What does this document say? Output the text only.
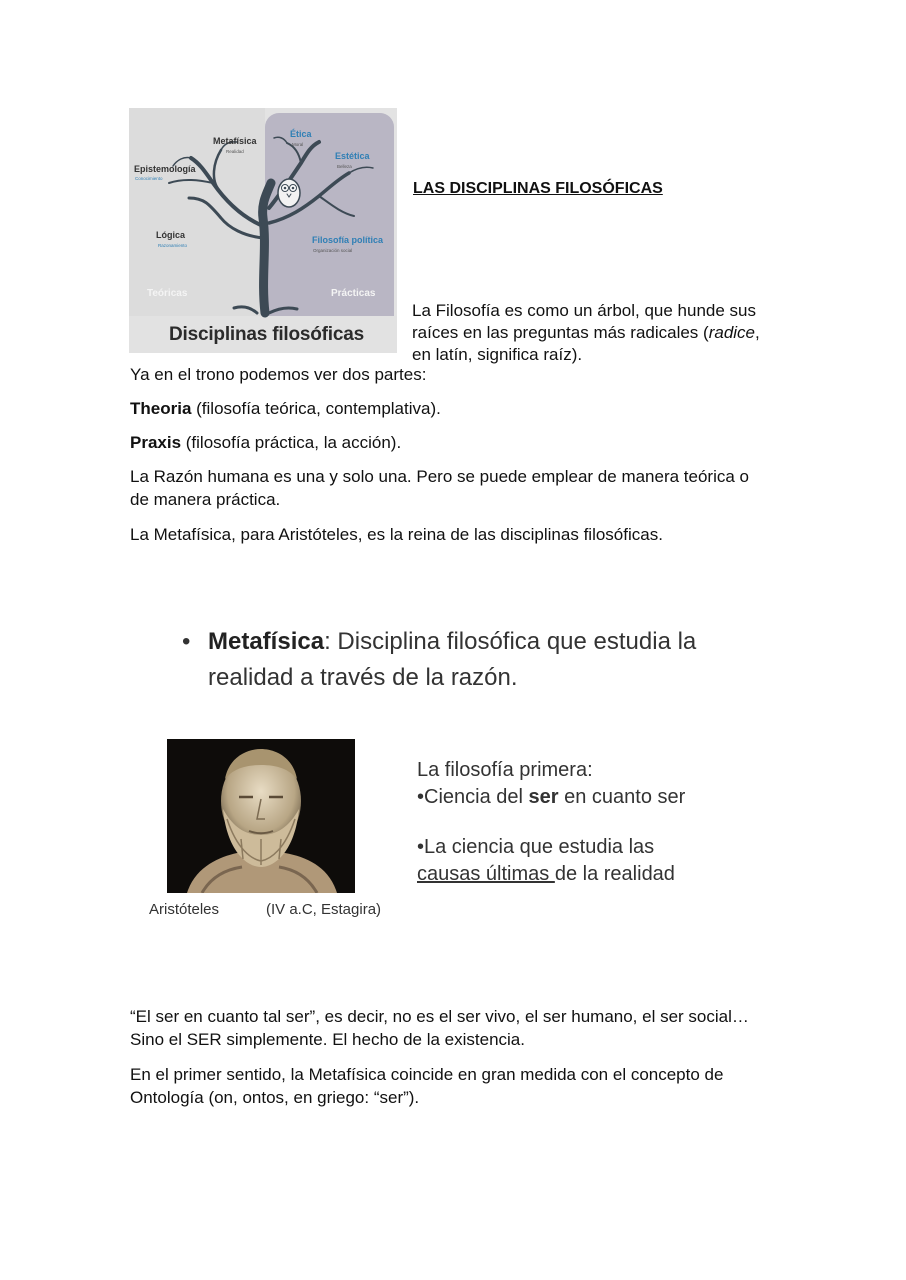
Metafísica
Realidad
Ética
Moral
Estética
Belleza
Epistemología
Conocimiento
Lógica
Razonamiento
Filosofía política
Organización social
Teóricas	Prácticas
Disciplinas filosóficas
LAS DISCIPLINAS FILOSÓFICAS

La Filosofía es como un árbol, que hunde sus raíces en las preguntas más radicales (radice, en latín, significa raíz).

Ya en el trono podemos ver dos partes:

Theoria (filosofía teórica, contemplativa).

Praxis (filosofía práctica, la acción).

La Razón humana es una y solo una. Pero se puede emplear de manera teórica o de manera práctica.

La Metafísica, para Aristóteles, es la reina de las disciplinas filosóficas.

• Metafísica: Disciplina filosófica que estudia la realidad a través de la razón.
Aristóteles	(IV a.C, Estagira)
La filosofía primera:
•Ciencia del ser en cuanto ser
•La ciencia que estudia las
causas últimas de la realidad

“El ser en cuanto tal ser”, es decir, no es el ser vivo, el ser humano, el ser social… Sino el SER simplemente. El hecho de la existencia.

En el primer sentido, la Metafísica coincide en gran medida con el concepto de Ontología (on, ontos, en griego: “ser”).
